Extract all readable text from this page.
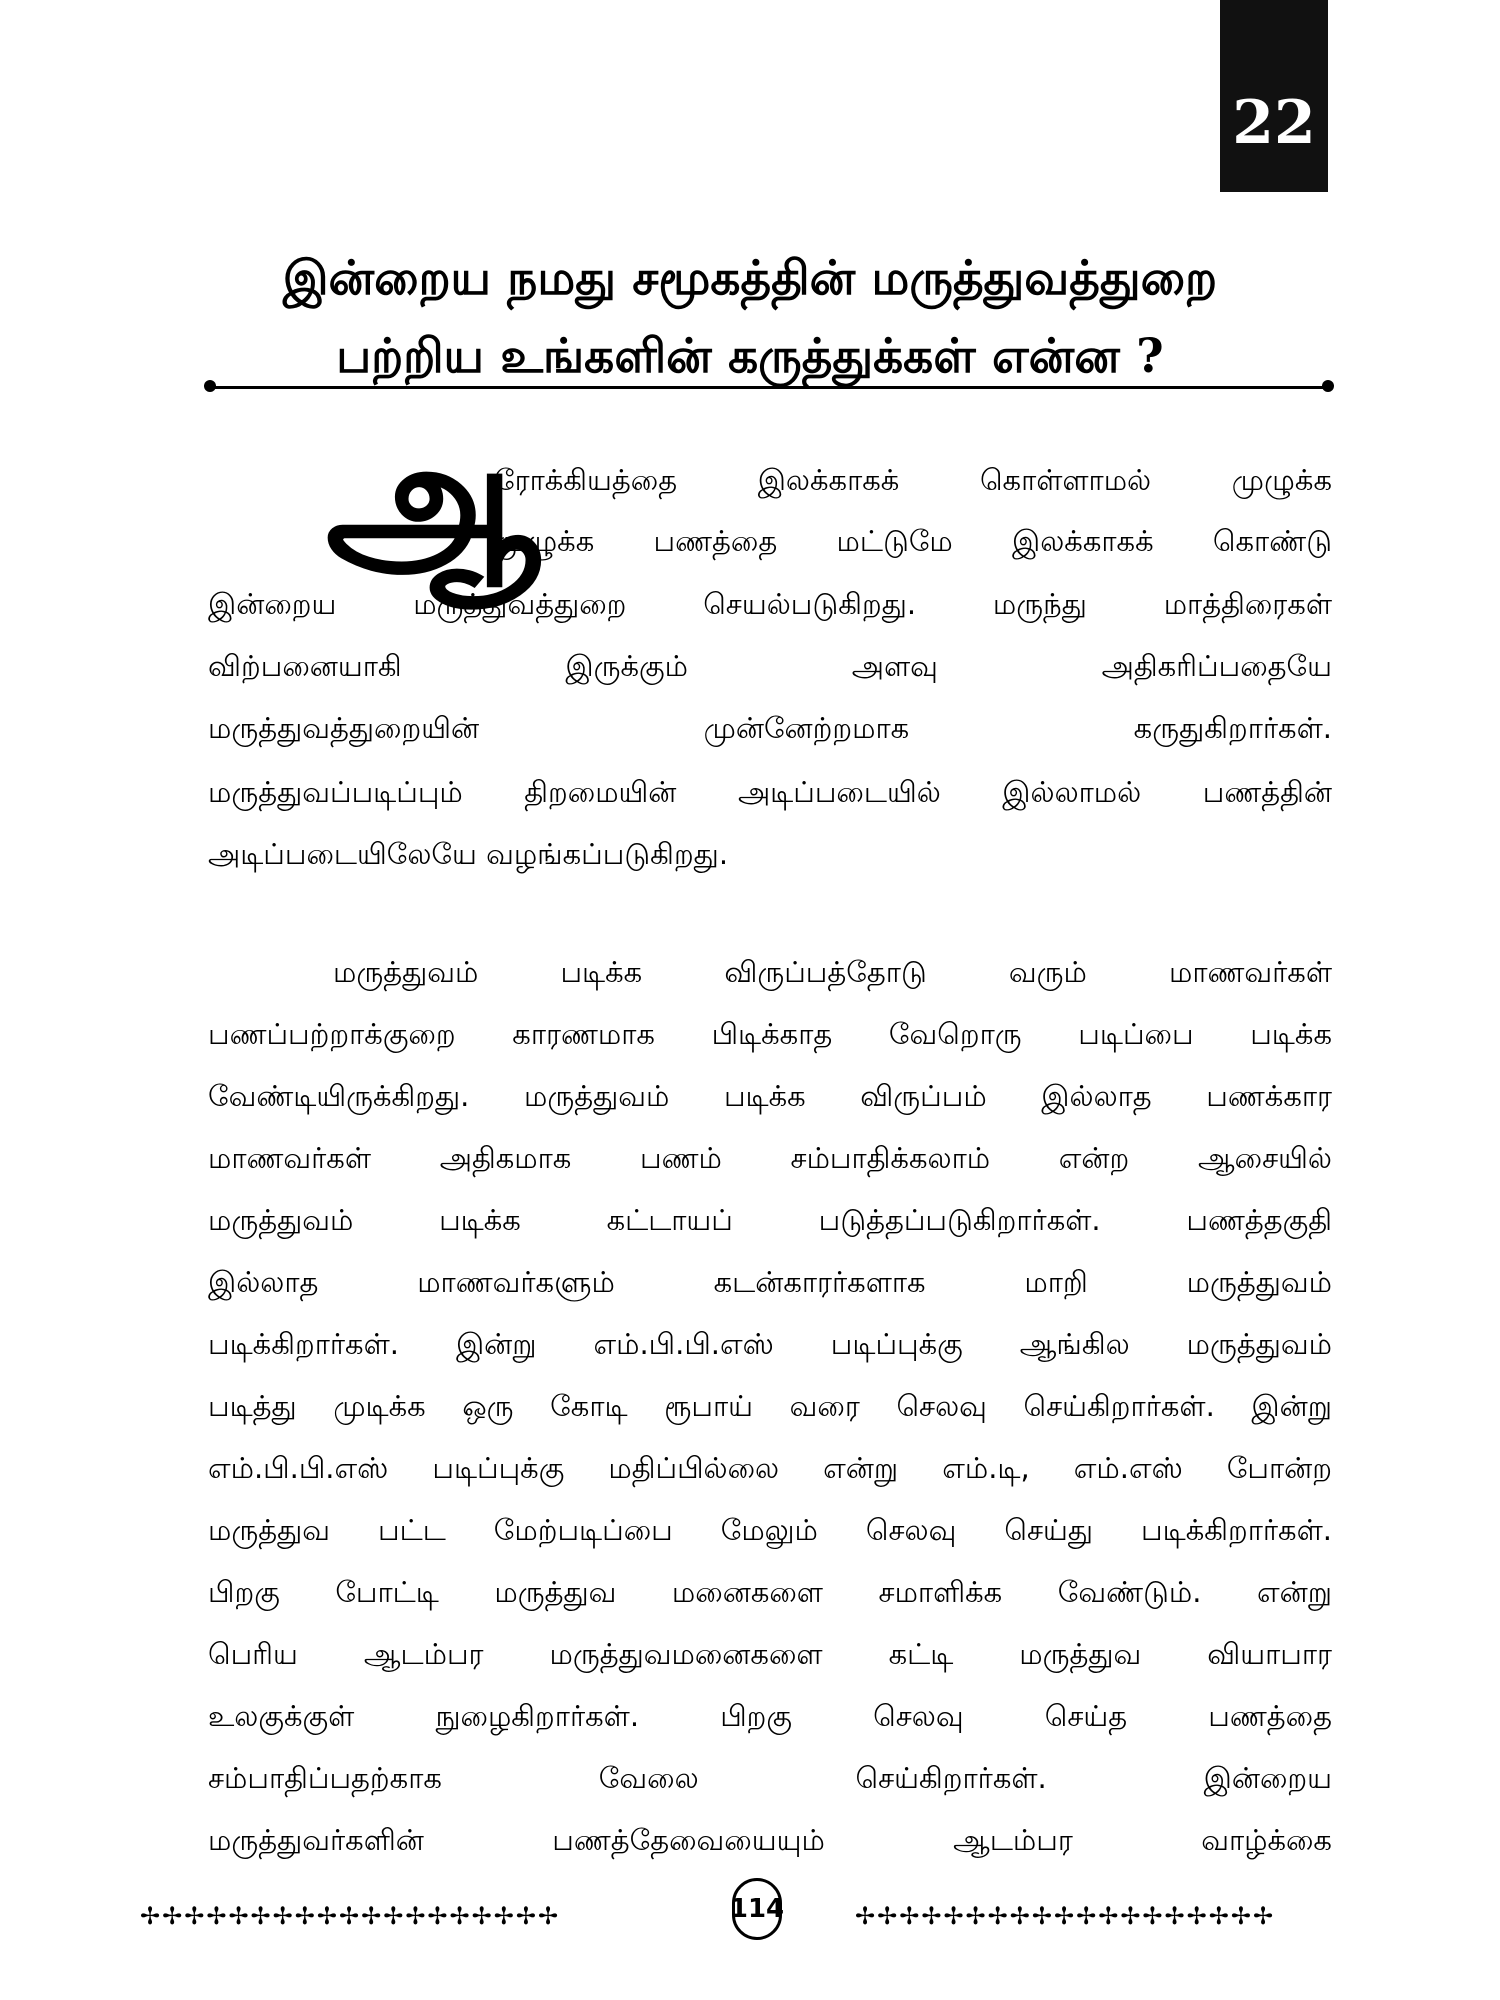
22
இன்றைய நமது சமூகத்தின் மருத்துவத்துறை
பற்றிய உங்களின் கருத்துக்கள் என்ன ?
ஆ
ரோக்கியத்தை இலக்காகக் கொள்ளாமல் முழுக்க
முழுக்க பணத்தை மட்டுமே இலக்காகக் கொண்டு
இன்றைய மருத்துவத்துறை செயல்படுகிறது. மருந்து மாத்திரைகள்
விற்பனையாகி இருக்கும் அளவு அதிகரிப்பதையே
மருத்துவத்துறையின் முன்னேற்றமாக கருதுகிறார்கள்.
மருத்துவப்படிப்பும் திறமையின் அடிப்படையில் இல்லாமல் பணத்தின்
அடிப்படையிலேயே வழங்கப்படுகிறது.
மருத்துவம் படிக்க விருப்பத்தோடு வரும் மாணவர்கள்
பணப்பற்றாக்குறை காரணமாக பிடிக்காத வேறொரு படிப்பை படிக்க
வேண்டியிருக்கிறது. மருத்துவம் படிக்க விருப்பம் இல்லாத பணக்கார
மாணவர்கள் அதிகமாக பணம் சம்பாதிக்கலாம் என்ற ஆசையில்
மருத்துவம் படிக்க கட்டாயப் படுத்தப்படுகிறார்கள். பணத்தகுதி
இல்லாத மாணவர்களும் கடன்காரர்களாக மாறி மருத்துவம்
படிக்கிறார்கள். இன்று எம்.பி.பி.எஸ் படிப்புக்கு ஆங்கில மருத்துவம்
படித்து முடிக்க ஒரு கோடி ரூபாய் வரை செலவு செய்கிறார்கள். இன்று
எம்.பி.பி.எஸ் படிப்புக்கு மதிப்பில்லை என்று எம்.டி, எம்.எஸ் போன்ற
மருத்துவ பட்ட மேற்படிப்பை மேலும் செலவு செய்து படிக்கிறார்கள்.
பிறகு போட்டி மருத்துவ மனைகளை சமாளிக்க வேண்டும். என்று
பெரிய ஆடம்பர மருத்துவமனைகளை கட்டி மருத்துவ வியாபார
உலகுக்குள் நுழைகிறார்கள். பிறகு செலவு செய்த பணத்தை
சம்பாதிப்பதற்காக வேலை செய்கிறார்கள். இன்றைய
மருத்துவர்களின் பணத்தேவையையும் ஆடம்பர வாழ்க்கை
✢✢✢✢✢✢✢✢✢✢✢✢✢✢✢✢✢✢✢	114	✢✢✢✢✢✢✢✢✢✢✢✢✢✢✢✢✢✢✢
